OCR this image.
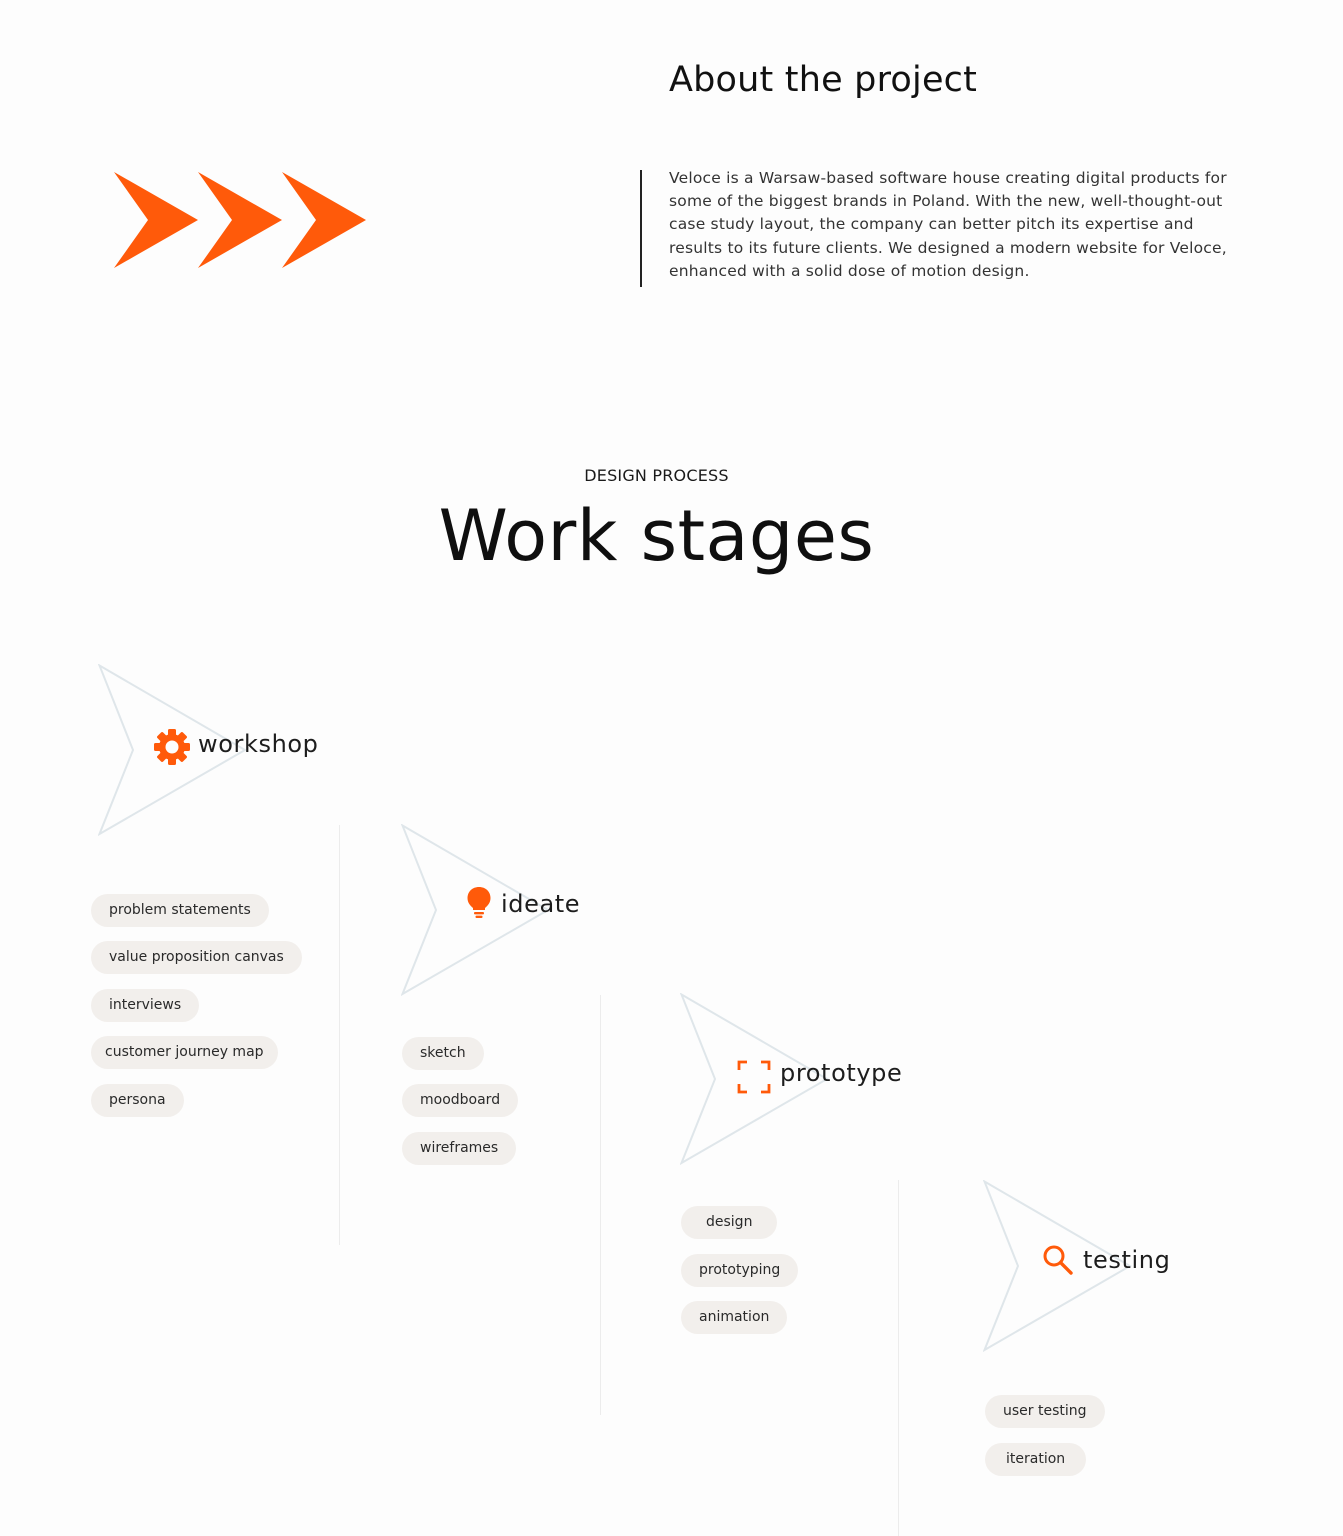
About the project
Veloce is a Warsaw-based software house creating digital products for some of the biggest brands in Poland. With the new, well-thought-out case study layout, the company can better pitch its expertise and results to its future clients. We designed a modern website for Veloce, enhanced with a solid dose of motion design.
DESIGN PROCESS
Work stages
workshop
problem statements
value proposition canvas
interviews
customer journey map
persona
ideate
sketch
moodboard
wireframes
prototype
design
prototyping
animation
testing
user testing
iteration
